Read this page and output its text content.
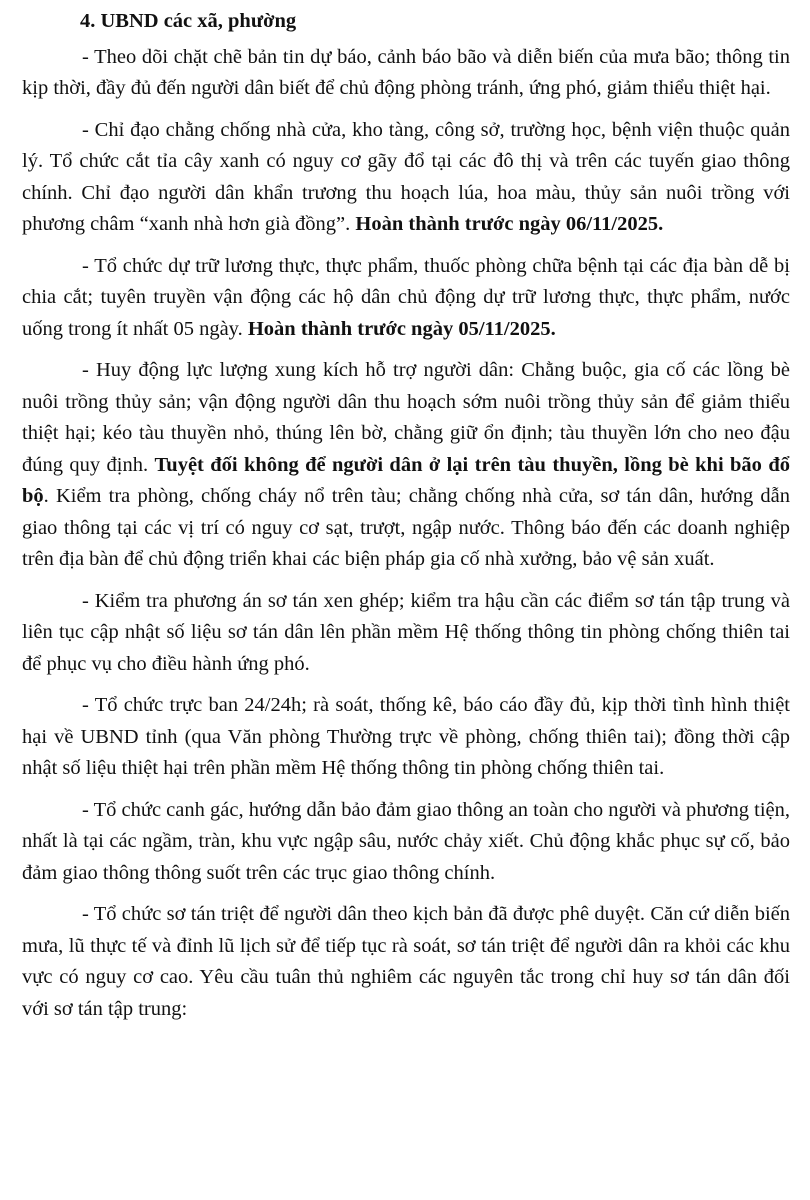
4. UBND các xã, phường

- Theo dõi chặt chẽ bản tin dự báo, cảnh báo bão và diễn biến của mưa bão; thông tin kịp thời, đầy đủ đến người dân biết để chủ động phòng tránh, ứng phó, giảm thiểu thiệt hại.

- Chỉ đạo chằng chống nhà cửa, kho tàng, công sở, trường học, bệnh viện thuộc quản lý. Tổ chức cắt tỉa cây xanh có nguy cơ gãy đổ tại các đô thị và trên các tuyến giao thông chính. Chỉ đạo người dân khẩn trương thu hoạch lúa, hoa màu, thủy sản nuôi trồng với phương châm “xanh nhà hơn già đồng”. Hoàn thành trước ngày 06/11/2025.

- Tổ chức dự trữ lương thực, thực phẩm, thuốc phòng chữa bệnh tại các địa bàn dễ bị chia cắt; tuyên truyền vận động các hộ dân chủ động dự trữ lương thực, thực phẩm, nước uống trong ít nhất 05 ngày. Hoàn thành trước ngày 05/11/2025.

- Huy động lực lượng xung kích hỗ trợ người dân: Chằng buộc, gia cố các lồng bè nuôi trồng thủy sản; vận động người dân thu hoạch sớm nuôi trồng thủy sản để giảm thiểu thiệt hại; kéo tàu thuyền nhỏ, thúng lên bờ, chằng giữ ổn định; tàu thuyền lớn cho neo đậu đúng quy định. Tuyệt đối không để người dân ở lại trên tàu thuyền, lồng bè khi bão đổ bộ. Kiểm tra phòng, chống cháy nổ trên tàu; chằng chống nhà cửa, sơ tán dân, hướng dẫn giao thông tại các vị trí có nguy cơ sạt, trượt, ngập nước. Thông báo đến các doanh nghiệp trên địa bàn để chủ động triển khai các biện pháp gia cố nhà xưởng, bảo vệ sản xuất.

- Kiểm tra phương án sơ tán xen ghép; kiểm tra hậu cần các điểm sơ tán tập trung và liên tục cập nhật số liệu sơ tán dân lên phần mềm Hệ thống thông tin phòng chống thiên tai để phục vụ cho điều hành ứng phó.

- Tổ chức trực ban 24/24h; rà soát, thống kê, báo cáo đầy đủ, kịp thời tình hình thiệt hại về UBND tỉnh (qua Văn phòng Thường trực về phòng, chống thiên tai); đồng thời cập nhật số liệu thiệt hại trên phần mềm Hệ thống thông tin phòng chống thiên tai.

- Tổ chức canh gác, hướng dẫn bảo đảm giao thông an toàn cho người và phương tiện, nhất là tại các ngầm, tràn, khu vực ngập sâu, nước chảy xiết. Chủ động khắc phục sự cố, bảo đảm giao thông thông suốt trên các trục giao thông chính.

- Tổ chức sơ tán triệt để người dân theo kịch bản đã được phê duyệt. Căn cứ diễn biến mưa, lũ thực tế và đỉnh lũ lịch sử để tiếp tục rà soát, sơ tán triệt để người dân ra khỏi các khu vực có nguy cơ cao. Yêu cầu tuân thủ nghiêm các nguyên tắc trong chỉ huy sơ tán dân đối với sơ tán tập trung:
